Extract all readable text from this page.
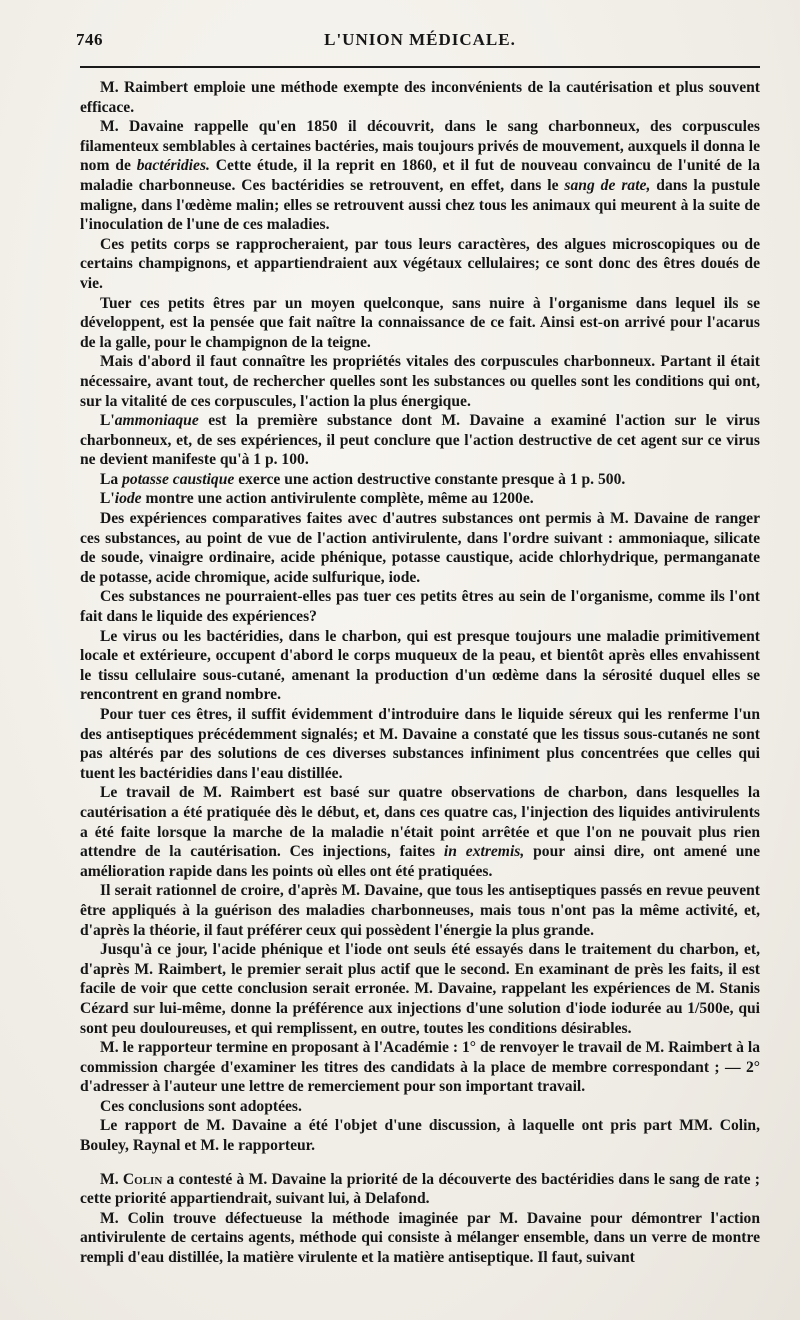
746	L'UNION MÉDICALE.

M. Raimbert emploie une méthode exempte des inconvénients de la cautérisation et plus souvent efficace.

M. Davaine rappelle qu'en 1850 il découvrit, dans le sang charbonneux, des corpuscules filamenteux semblables à certaines bactéries, mais toujours privés de mouvement, auxquels il donna le nom de bactéridies. Cette étude, il la reprit en 1860, et il fut de nouveau convaincu de l'unité de la maladie charbonneuse. Ces bactéridies se retrouvent, en effet, dans le sang de rate, dans la pustule maligne, dans l'œdème malin; elles se retrouvent aussi chez tous les animaux qui meurent à la suite de l'inoculation de l'une de ces maladies.

Ces petits corps se rapprocheraient, par tous leurs caractères, des algues microscopiques ou de certains champignons, et appartiendraient aux végétaux cellulaires; ce sont donc des êtres doués de vie.

Tuer ces petits êtres par un moyen quelconque, sans nuire à l'organisme dans lequel ils se développent, est la pensée que fait naître la connaissance de ce fait. Ainsi est-on arrivé pour l'acarus de la galle, pour le champignon de la teigne.

Mais d'abord il faut connaître les propriétés vitales des corpuscules charbonneux. Partant il était nécessaire, avant tout, de rechercher quelles sont les substances ou quelles sont les conditions qui ont, sur la vitalité de ces corpuscules, l'action la plus énergique.

L'ammoniaque est la première substance dont M. Davaine a examiné l'action sur le virus charbonneux, et, de ses expériences, il peut conclure que l'action destructive de cet agent sur ce virus ne devient manifeste qu'à 1 p. 100.

La potasse caustique exerce une action destructive constante presque à 1 p. 500.

L'iode montre une action antivirulente complète, même au 1200e.

Des expériences comparatives faites avec d'autres substances ont permis à M. Davaine de ranger ces substances, au point de vue de l'action antivirulente, dans l'ordre suivant : ammoniaque, silicate de soude, vinaigre ordinaire, acide phénique, potasse caustique, acide chlorhydrique, permanganate de potasse, acide chromique, acide sulfurique, iode.

Ces substances ne pourraient-elles pas tuer ces petits êtres au sein de l'organisme, comme ils l'ont fait dans le liquide des expériences?

Le virus ou les bactéridies, dans le charbon, qui est presque toujours une maladie primitivement locale et extérieure, occupent d'abord le corps muqueux de la peau, et bientôt après elles envahissent le tissu cellulaire sous-cutané, amenant la production d'un œdème dans la sérosité duquel elles se rencontrent en grand nombre.

Pour tuer ces êtres, il suffit évidemment d'introduire dans le liquide séreux qui les renferme l'un des antiseptiques précédemment signalés; et M. Davaine a constaté que les tissus sous-cutanés ne sont pas altérés par des solutions de ces diverses substances infiniment plus concentrées que celles qui tuent les bactéridies dans l'eau distillée.

Le travail de M. Raimbert est basé sur quatre observations de charbon, dans lesquelles la cautérisation a été pratiquée dès le début, et, dans ces quatre cas, l'injection des liquides antivirulents a été faite lorsque la marche de la maladie n'était point arrêtée et que l'on ne pouvait plus rien attendre de la cautérisation. Ces injections, faites in extremis, pour ainsi dire, ont amené une amélioration rapide dans les points où elles ont été pratiquées.

Il serait rationnel de croire, d'après M. Davaine, que tous les antiseptiques passés en revue peuvent être appliqués à la guérison des maladies charbonneuses, mais tous n'ont pas la même activité, et, d'après la théorie, il faut préférer ceux qui possèdent l'énergie la plus grande.

Jusqu'à ce jour, l'acide phénique et l'iode ont seuls été essayés dans le traitement du charbon, et, d'après M. Raimbert, le premier serait plus actif que le second. En examinant de près les faits, il est facile de voir que cette conclusion serait erronée. M. Davaine, rappelant les expériences de M. Stanis Cézard sur lui-même, donne la préférence aux injections d'une solution d'iode iodurée au 1/500e, qui sont peu douloureuses, et qui remplissent, en outre, toutes les conditions désirables.

M. le rapporteur termine en proposant à l'Académie : 1° de renvoyer le travail de M. Raimbert à la commission chargée d'examiner les titres des candidats à la place de membre correspondant ; — 2° d'adresser à l'auteur une lettre de remerciement pour son important travail.

Ces conclusions sont adoptées.

Le rapport de M. Davaine a été l'objet d'une discussion, à laquelle ont pris part MM. Colin, Bouley, Raynal et M. le rapporteur.

M. Colin a contesté à M. Davaine la priorité de la découverte des bactéridies dans le sang de rate ; cette priorité appartiendrait, suivant lui, à Delafond.

M. Colin trouve défectueuse la méthode imaginée par M. Davaine pour démontrer l'action antivirulente de certains agents, méthode qui consiste à mélanger ensemble, dans un verre de montre rempli d'eau distillée, la matière virulente et la matière antiseptique. Il faut, suivant
